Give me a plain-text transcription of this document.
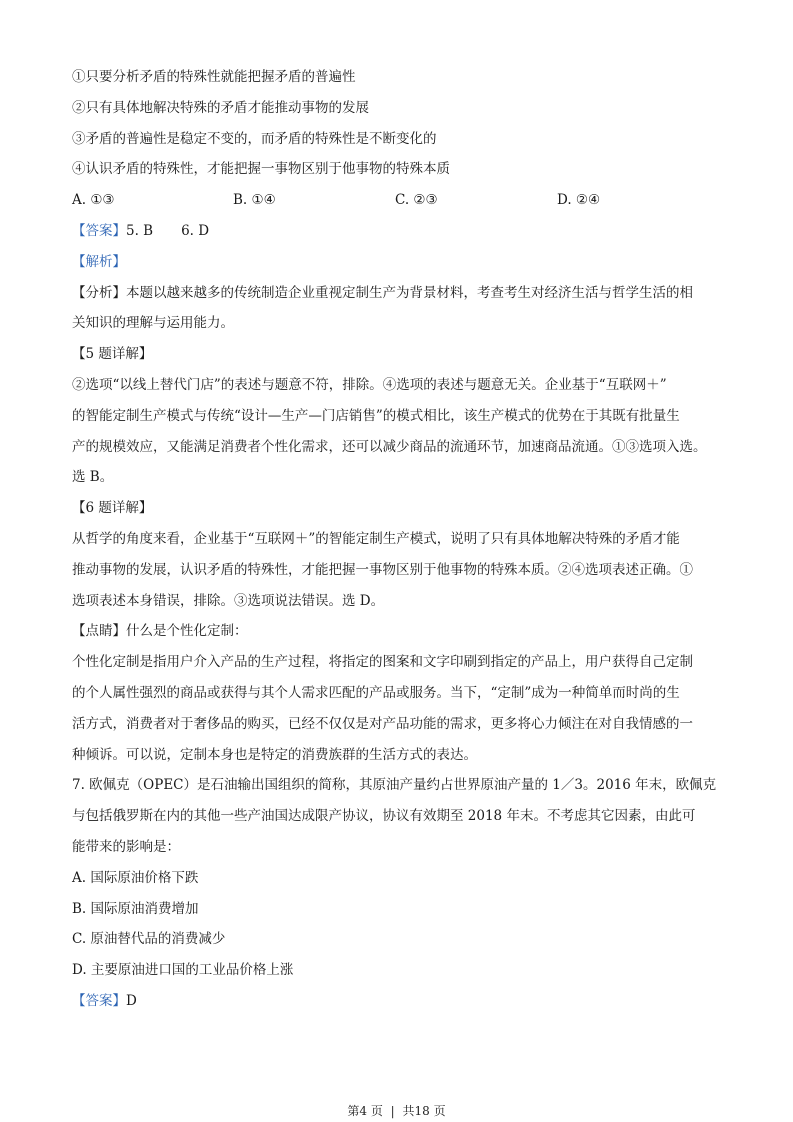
①只要分析矛盾的特殊性就能把握矛盾的普遍性
②只有具体地解决特殊的矛盾才能推动事物的发展
③矛盾的普遍性是稳定不变的，而矛盾的特殊性是不断变化的
④认识矛盾的特殊性，才能把握一事物区别于他事物的特殊本质
A. ①③	B. ①④	C. ②③	D. ②④
【答案】5. B 6. D
【解析】
【分析】本题以越来越多的传统制造企业重视定制生产为背景材料，考查考生对经济生活与哲学生活的相
关知识的理解与运用能力。
【5 题详解】
②选项“以线上替代门店”的表述与题意不符，排除。④选项的表述与题意无关。企业基于“互联网＋”
的智能定制生产模式与传统“设计—生产—门店销售”的模式相比，该生产模式的优势在于其既有批量生
产的规模效应，又能满足消费者个性化需求，还可以减少商品的流通环节，加速商品流通。①③选项入选。
选 B。
【6 题详解】
从哲学的角度来看，企业基于“互联网＋”的智能定制生产模式，说明了只有具体地解决特殊的矛盾才能
推动事物的发展，认识矛盾的特殊性，才能把握一事物区别于他事物的特殊本质。②④选项表述正确。①
选项表述本身错误，排除。③选项说法错误。选 D。
【点睛】什么是个性化定制：
个性化定制是指用户介入产品的生产过程，将指定的图案和文字印刷到指定的产品上，用户获得自己定制
的个人属性强烈的商品或获得与其个人需求匹配的产品或服务。当下，“定制”成为一种简单而时尚的生
活方式，消费者对于奢侈品的购买，已经不仅仅是对产品功能的需求，更多将心力倾注在对自我情感的一
种倾诉。可以说，定制本身也是特定的消费族群的生活方式的表达。
7. 欧佩克（OPEC）是石油输出国组织的简称，其原油产量约占世界原油产量的 1／3。2016 年末，欧佩克
与包括俄罗斯在内的其他一些产油国达成限产协议，协议有效期至 2018 年末。不考虑其它因素，由此可
能带来的影响是：
A. 国际原油价格下跌
B. 国际原油消费增加
C. 原油替代品的消费减少
D. 主要原油进口国的工业品价格上涨
【答案】D
第4 页 | 共18 页
